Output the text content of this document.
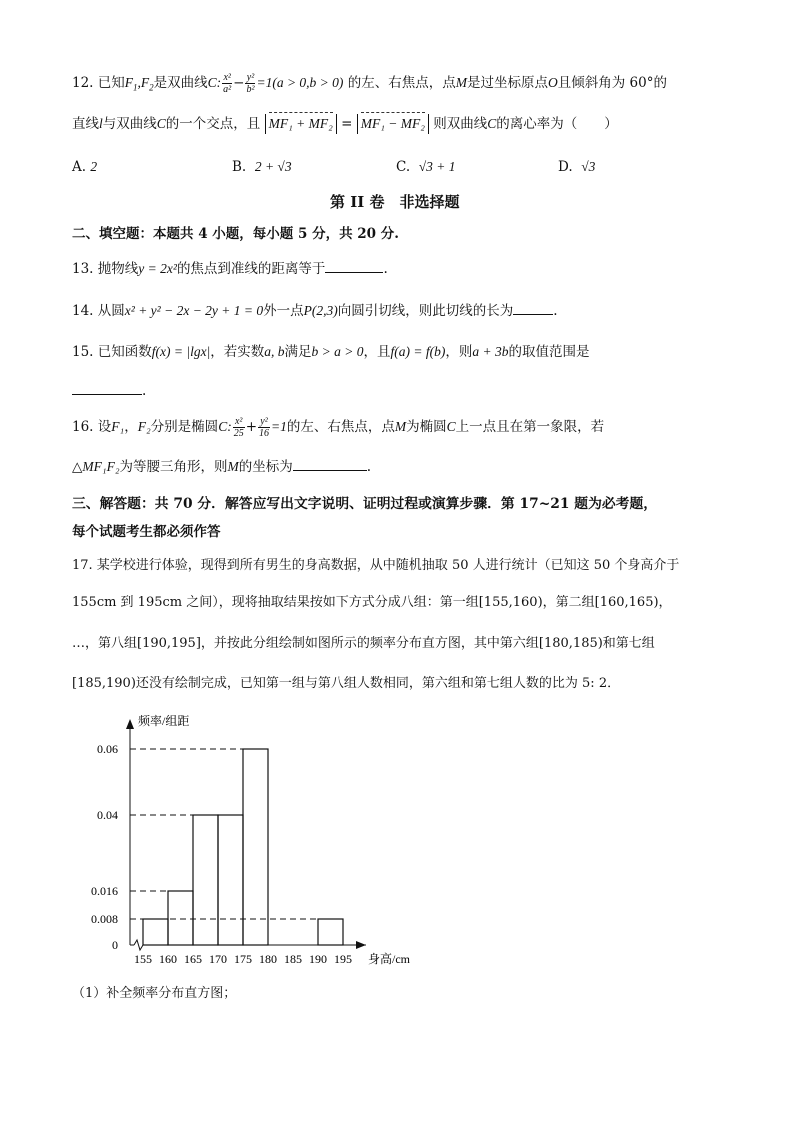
12. 已知$F_1,F_2$是双曲线C: $\frac{\text{x²}}{\text{a²}} - \frac{\text{y²}}{\text{b²}} =1(a > 0,b > 0)$ 的左、右焦点，点M是过坐标原点O且倾斜角为 60°的
直线l与双曲线C的一个交点，且 MF₁ + MF₂ = MF₁ − MF₂ 则双曲线C的离心率为（　　）
A. 2	B. 2 + √3	C. √3 + 1	D. √3
第 II 卷　非选择题
二、填空题：本题共 4 小题，每小题 5 分，共 20 分.
13. 抛物线y = 2x²的焦点到准线的距离等于	.
14. 从圆x² + y² − 2x − 2y + 1 = 0外一点P(2,3)向圆引切线，则此切线的长为	.
15. 已知函数f(x) = |lgx|，若实数a, b满足b > a > 0，且f(a) = f(b)，则a + 3b的取值范围是
.
16. 设F₁，F₂分别是椭圆C: $\frac{\text{x²}}{25} + \frac{\text{y²}}{16} =1$的左、右焦点，点M为椭圆C上一点且在第一象限，若
△MF₁F₂为等腰三角形，则M的坐标为	.
三、解答题：共 70 分．解答应写出文字说明、证明过程或演算步骤．第 17~21 题为必考题，
每个试题考生都必须作答
17. 某学校进行体验，现得到所有男生的身高数据，从中随机抽取 50 人进行统计（已知这 50 个身高介于
155cm 到 195cm 之间），现将抽取结果按如下方式分成八组：第一组[155,160)，第二组[160,165)，
…，第八组[190,195]，并按此分组绘制如图所示的频率分布直方图，其中第六组[180,185)和第七组
[185,190)还没有绘制完成，已知第一组与第八组人数相同，第六组和第七组人数的比为 5: 2．
频率/组距
身高/cm
0
0.008
0.016
0.04
0.06
155 160 165 170 175 180 185 190 195
（1）补全频率分布直方图；
